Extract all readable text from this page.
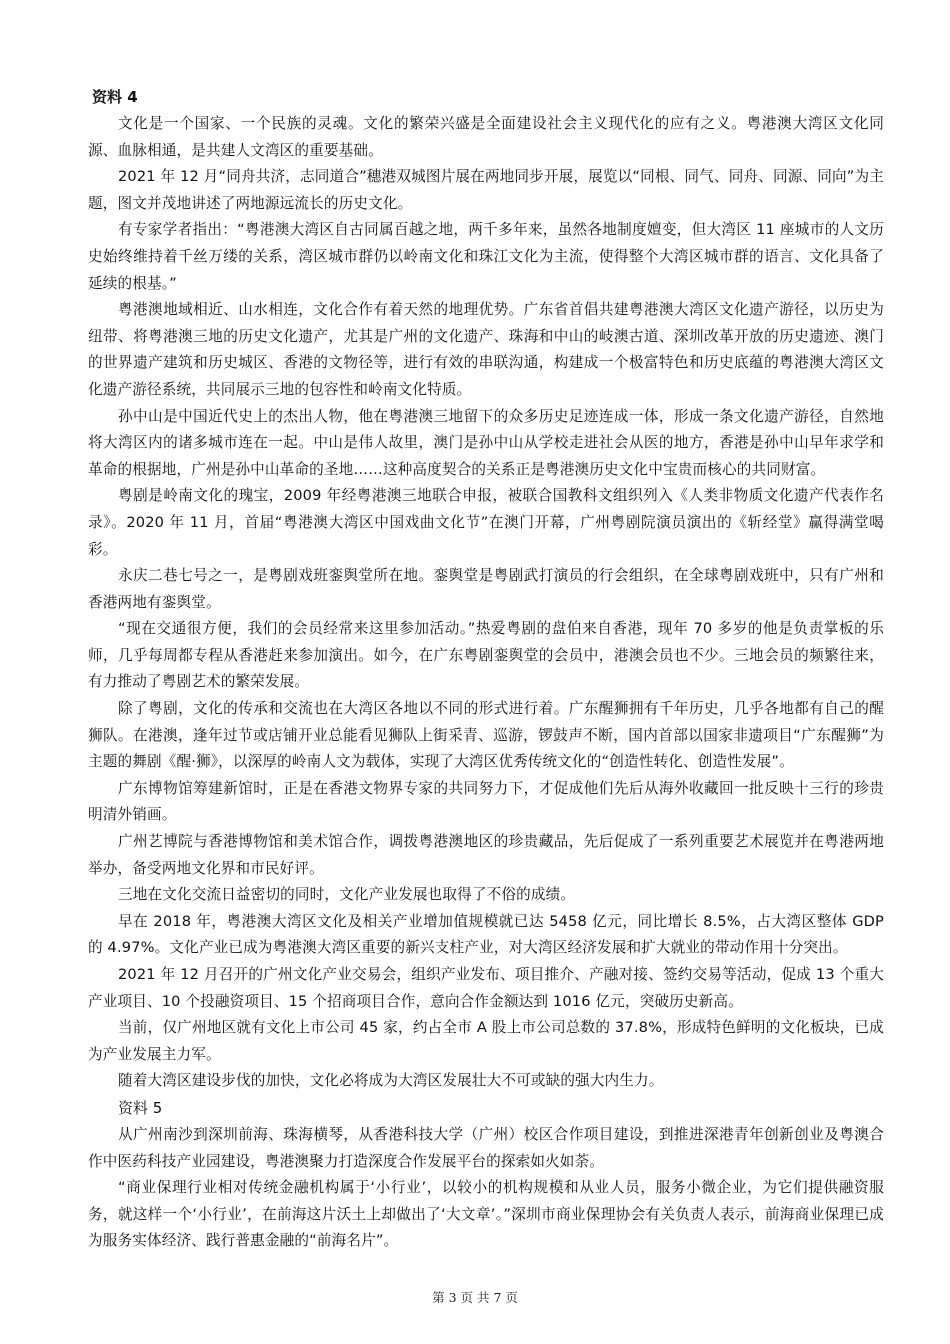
资料 4

文化是一个国家、一个民族的灵魂。文化的繁荣兴盛是全面建设社会主义现代化的应有之义。粤港澳大湾区文化同源、血脉相通，是共建人文湾区的重要基础。

2021 年 12 月“同舟共济，志同道合”穗港双城图片展在两地同步开展，展览以“同根、同气、同舟、同源、同向”为主题，图文并茂地讲述了两地源远流长的历史文化。

有专家学者指出：“粤港澳大湾区自古同属百越之地，两千多年来，虽然各地制度嬗变，但大湾区 11 座城市的人文历史始终维持着千丝万缕的关系，湾区城市群仍以岭南文化和珠江文化为主流，使得整个大湾区城市群的语言、文化具备了延续的根基。”

粤港澳地域相近、山水相连，文化合作有着天然的地理优势。广东省首倡共建粤港澳大湾区文化遗产游径，以历史为纽带、将粤港澳三地的历史文化遗产，尤其是广州的文化遗产、珠海和中山的岐澳古道、深圳改革开放的历史遗迹、澳门的世界遗产建筑和历史城区、香港的文物径等，进行有效的串联沟通，构建成一个极富特色和历史底蕴的粤港澳大湾区文化遗产游径系统，共同展示三地的包容性和岭南文化特质。

孙中山是中国近代史上的杰出人物，他在粤港澳三地留下的众多历史足迹连成一体，形成一条文化遗产游径，自然地将大湾区内的诸多城市连在一起。中山是伟人故里，澳门是孙中山从学校走进社会从医的地方，香港是孙中山早年求学和革命的根据地，广州是孙中山革命的圣地……这种高度契合的关系正是粤港澳历史文化中宝贵而核心的共同财富。

粤剧是岭南文化的瑰宝，2009 年经粤港澳三地联合申报，被联合国教科文组织列入《人类非物质文化遗产代表作名录》。2020 年 11 月，首届“粤港澳大湾区中国戏曲文化节”在澳门开幕，广州粤剧院演员演出的《斩经堂》赢得满堂喝彩。

永庆二巷七号之一，是粤剧戏班銮舆堂所在地。銮舆堂是粤剧武打演员的行会组织，在全球粤剧戏班中，只有广州和香港两地有銮舆堂。

“现在交通很方便，我们的会员经常来这里参加活动。”热爱粤剧的盘伯来自香港，现年 70 多岁的他是负责掌板的乐师，几乎每周都专程从香港赶来参加演出。如今，在广东粤剧銮舆堂的会员中，港澳会员也不少。三地会员的频繁往来，有力推动了粤剧艺术的繁荣发展。

除了粤剧，文化的传承和交流也在大湾区各地以不同的形式进行着。广东醒狮拥有千年历史，几乎各地都有自己的醒狮队。在港澳，逢年过节或店铺开业总能看见狮队上街采青、巡游，锣鼓声不断，国内首部以国家非遗项目“广东醒狮”为主题的舞剧《醒·狮》，以深厚的岭南人文为载体，实现了大湾区优秀传统文化的“创造性转化、创造性发展”。

广东博物馆筹建新馆时，正是在香港文物界专家的共同努力下，才促成他们先后从海外收藏回一批反映十三行的珍贵明清外销画。

广州艺博院与香港博物馆和美术馆合作，调拨粤港澳地区的珍贵藏品，先后促成了一系列重要艺术展览并在粤港两地举办，备受两地文化界和市民好评。

三地在文化交流日益密切的同时，文化产业发展也取得了不俗的成绩。

早在 2018 年，粤港澳大湾区文化及相关产业增加值规模就已达 5458 亿元，同比增长 8.5%，占大湾区整体 GDP 的 4.97%。文化产业已成为粤港澳大湾区重要的新兴支柱产业，对大湾区经济发展和扩大就业的带动作用十分突出。

2021 年 12 月召开的广州文化产业交易会，组织产业发布、项目推介、产融对接、签约交易等活动，促成 13 个重大产业项目、10 个投融资项目、15 个招商项目合作，意向合作金额达到 1016 亿元，突破历史新高。

当前，仅广州地区就有文化上市公司 45 家，约占全市 A 股上市公司总数的 37.8%，形成特色鲜明的文化板块，已成为产业发展主力军。

随着大湾区建设步伐的加快，文化必将成为大湾区发展壮大不可或缺的强大内生力。

资料 5

从广州南沙到深圳前海、珠海横琴，从香港科技大学（广州）校区合作项目建设，到推进深港青年创新创业及粤澳合作中医药科技产业园建设，粤港澳聚力打造深度合作发展平台的探索如火如荼。

“商业保理行业相对传统金融机构属于‘小行业’，以较小的机构规模和从业人员，服务小微企业，为它们提供融资服务，就这样一个‘小行业’，在前海这片沃土上却做出了‘大文章’。”深圳市商业保理协会有关负责人表示，前海商业保理已成为服务实体经济、践行普惠金融的“前海名片”。

第 3 页 共 7 页
